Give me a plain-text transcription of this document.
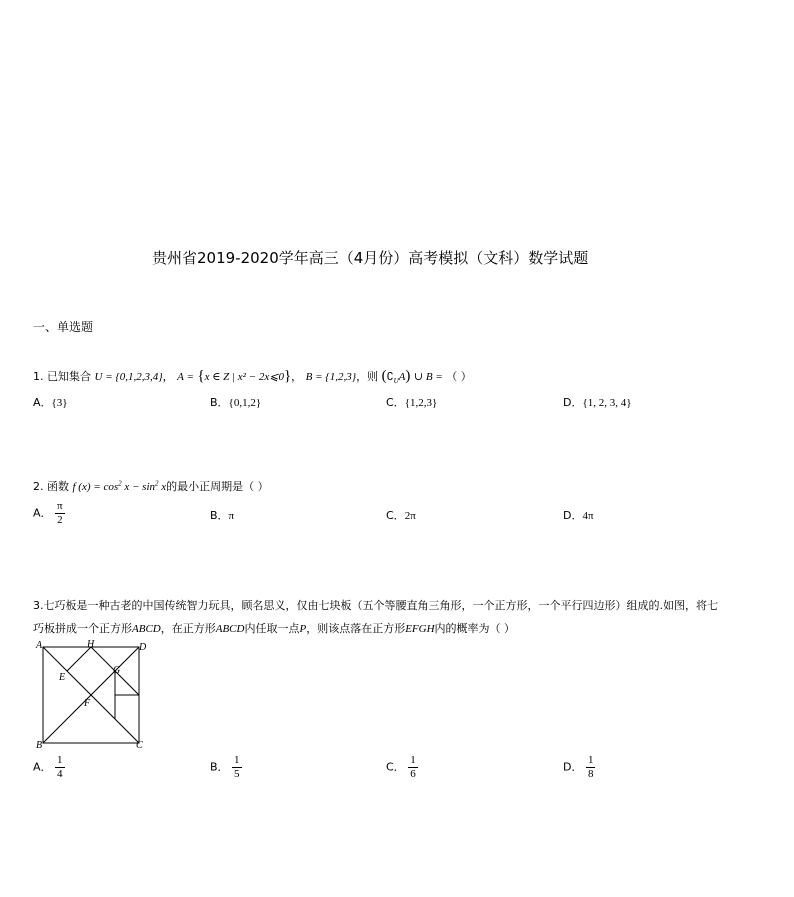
贵州省2019-2020学年高三（4月份）高考模拟（文科）数学试题
一、单选题
1. 已知集合 U = {0,1,2,3,4}， A = {x ∈ Z | x² − 2x⩽0}， B = {1,2,3}，则 $(∁_UA)$ ∪ B = （ ）
A．{3}	B．{0,1,2}	C．{1,2,3}	D．{1, 2, 3, 4}
2. 函数 f $(x) = \cos^2 x - \sin^2 x$的最小正周期是（ ）
A． $\frac{\pi}{2}$	B．π	C．2π	D．4π
3.七巧板是一种古老的中国传统智力玩具，顾名思义，仅由七块板（五个等腰直角三角形，一个正方形，一个平行四边形）组成的.如图，将七
巧板拼成一个正方形ABCD，在正方形ABCD内任取一点P，则该点落在正方形EFGH内的概率为（ ）
A	H	D
G
E
F
B	C
A． $\frac{1}{4}$	B． $\frac{1}{5}$	C． $\frac{1}{6}$	D． $\frac{1}{8}$
